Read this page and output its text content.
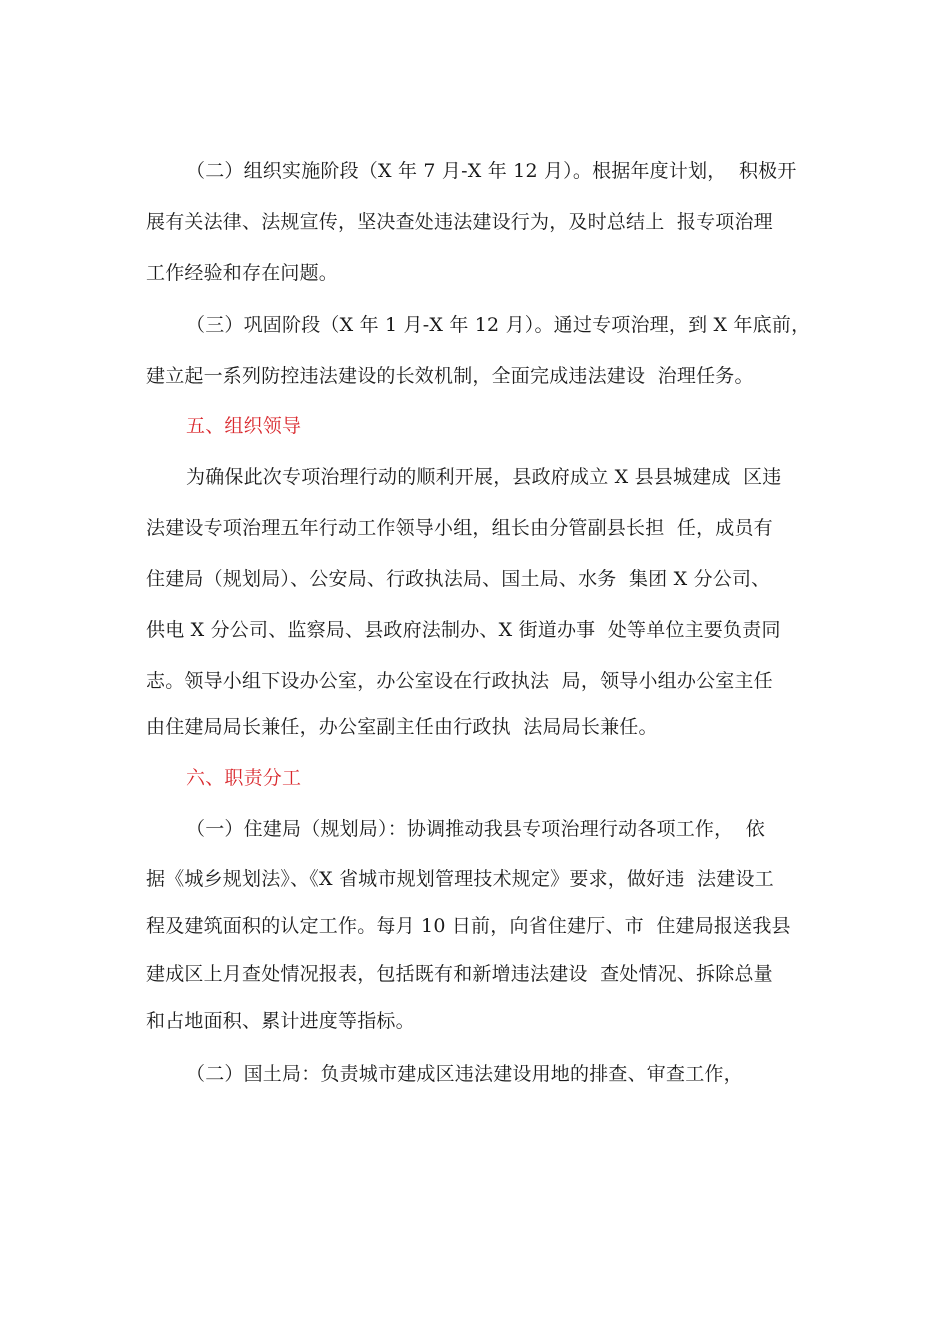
（二）组织实施阶段（X 年 7 月-X 年 12 月）。根据年度计划，  积极开
展有关法律、法规宣传，坚决查处违法建设行为，及时总结上  报专项治理
工作经验和存在问题。
（三）巩固阶段（X 年 1 月-X 年 12 月）。通过专项治理，到 X 年底前，
建立起一系列防控违法建设的长效机制，全面完成违法建设  治理任务。
五、组织领导
为确保此次专项治理行动的顺利开展，县政府成立 X 县县城建成  区违
法建设专项治理五年行动工作领导小组，组长由分管副县长担  任，成员有
住建局（规划局）、公安局、行政执法局、国土局、水务  集团 X 分公司、
供电 X 分公司、监察局、县政府法制办、X 街道办事  处等单位主要负责同
志。领导小组下设办公室，办公室设在行政执法  局，领导小组办公室主任
由住建局局长兼任，办公室副主任由行政执  法局局长兼任。
六、职责分工
（一）住建局（规划局）：协调推动我县专项治理行动各项工作，  依
据《城乡规划法》、《X 省城市规划管理技术规定》要求，做好违  法建设工
程及建筑面积的认定工作。每月 10 日前，向省住建厅、市  住建局报送我县
建成区上月查处情况报表，包括既有和新增违法建设  查处情况、拆除总量
和占地面积、累计进度等指标。
（二）国土局：负责城市建成区违法建设用地的排查、审查工作，
